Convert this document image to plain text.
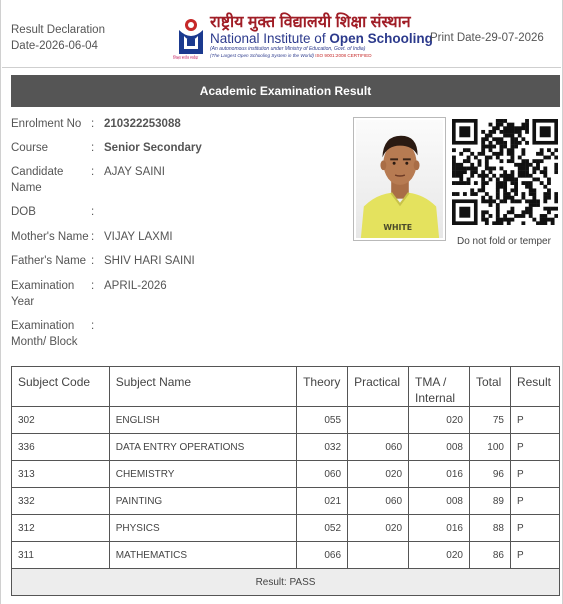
Result Declaration
Date-2026-06-04
शिक्षा सर्वत्र सर्वदा
राष्ट्रीय मुक्त विद्यालयी शिक्षा संस्थान
National Institute of Open Schooling
(An autonomous institution under Ministry of Education, Govt. of India)
(The Largest Open Schooling System in the World) ISO 9001:2008 CERTIFIED
Print Date-29-07-2026
Academic Examination Result
Enrolment No : 210322253088
Course	: Senior Secondary
Candidate Name
: AJAY SAINI
DOB	:
Mother's Name : VIJAY LAXMI
Father's Name : SHIV HARI SAINI
Examination Year
: APRIL-2026
Examination Month/ Block
:
WHITE
Do not fold or temper
Subject Code	Subject Name	Theory	Practical	TMA / Internal	Total	Result
302	ENGLISH	055		020	75	P
336	DATA ENTRY OPERATIONS	032	060	008	100	P
313	CHEMISTRY	060	020	016	96	P
332	PAINTING	021	060	008	89	P
312	PHYSICS	052	020	016	88	P
311	MATHEMATICS	066		020	86	P
Result: PASS						
